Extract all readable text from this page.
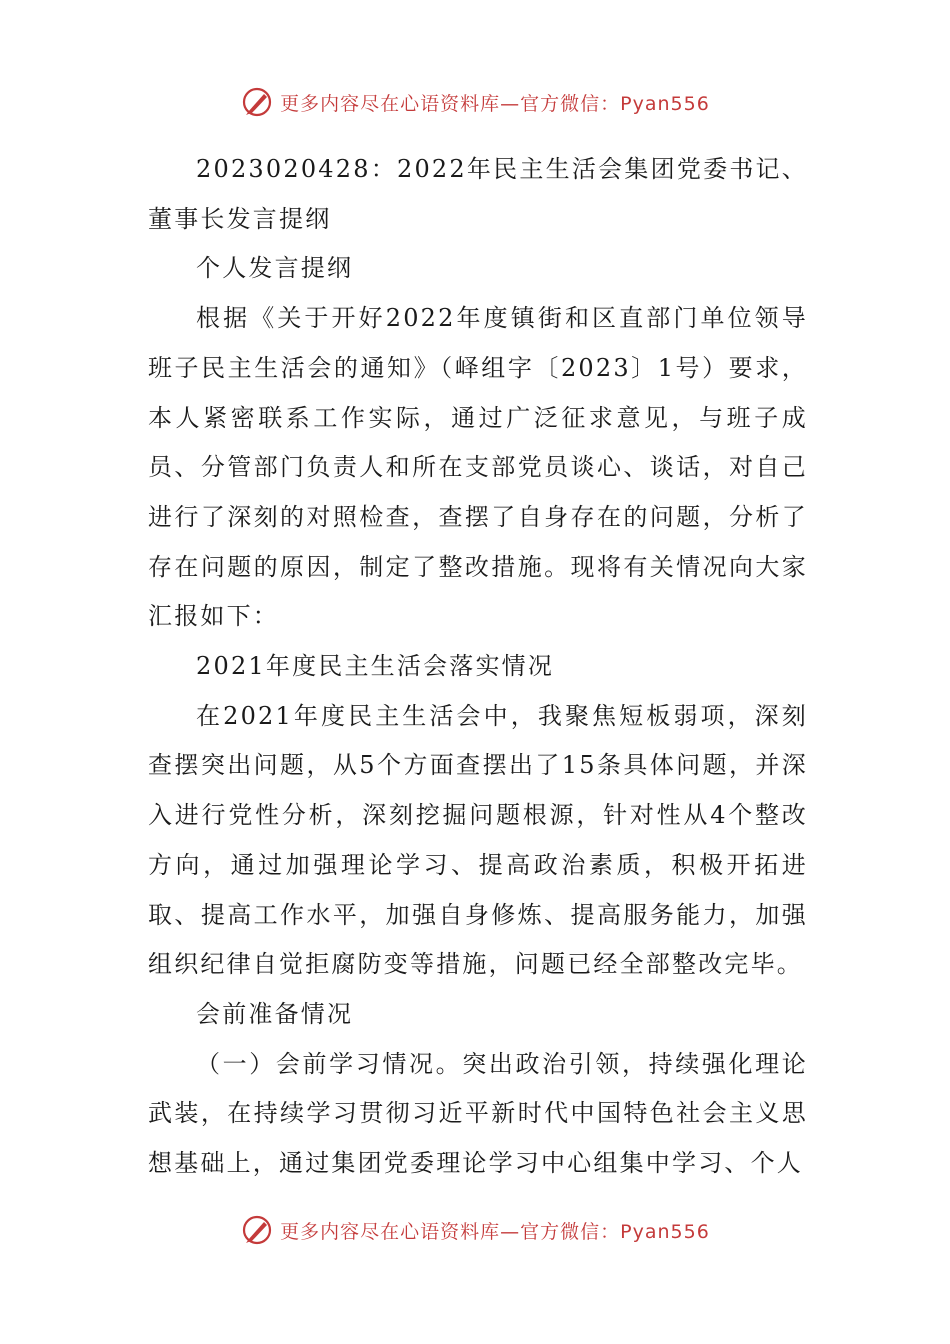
更多内容尽在心语资料库—官方微信：Pyan556

2023020428：2022年民主生活会集团党委书记、董事长发言提纲

个人发言提纲

根据《关于开好2022年度镇街和区直部门单位领导班子民主生活会的通知》（峄组字〔2023〕1号）要求，本人紧密联系工作实际，通过广泛征求意见，与班子成员、分管部门负责人和所在支部党员谈心、谈话，对自己进行了深刻的对照检查，查摆了自身存在的问题，分析了存在问题的原因，制定了整改措施。现将有关情况向大家汇报如下：

2021年度民主生活会落实情况

在2021年度民主生活会中，我聚焦短板弱项，深刻查摆突出问题，从5个方面查摆出了15条具体问题，并深入进行党性分析，深刻挖掘问题根源，针对性从4个整改方向，通过加强理论学习、提高政治素质，积极开拓进取、提高工作水平，加强自身修炼、提高服务能力，加强组织纪律自觉拒腐防变等措施，问题已经全部整改完毕。

会前准备情况

（一）会前学习情况。突出政治引领，持续强化理论武装，在持续学习贯彻习近平新时代中国特色社会主义思想基础上，通过集团党委理论学习中心组集中学习、个人

更多内容尽在心语资料库—官方微信：Pyan556
